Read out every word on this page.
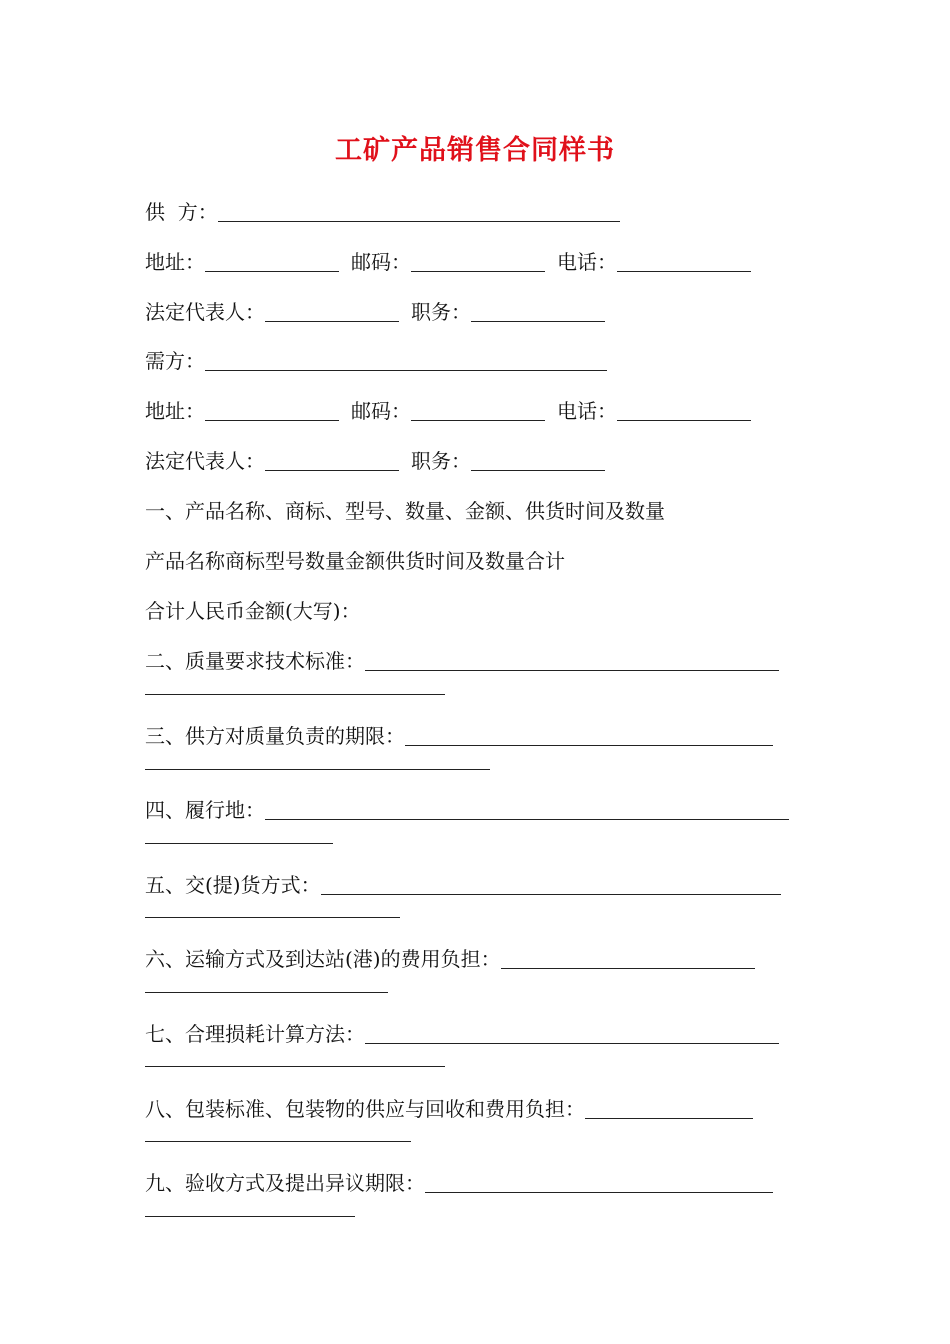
工矿产品销售合同样书
供  方：
地址：	邮码：	电话：
法定代表人：	职务：
需方：
地址：	邮码：	电话：
法定代表人：	职务：
一、产品名称、商标、型号、数量、金额、供货时间及数量
产品名称商标型号数量金额供货时间及数量合计
合计人民币金额(大写)：
二、质量要求技术标准：
三、供方对质量负责的期限：
四、履行地：
五、交(提)货方式：
六、运输方式及到达站(港)的费用负担：
七、合理损耗计算方法：
八、包装标准、包装物的供应与回收和费用负担：
九、验收方式及提出异议期限：
